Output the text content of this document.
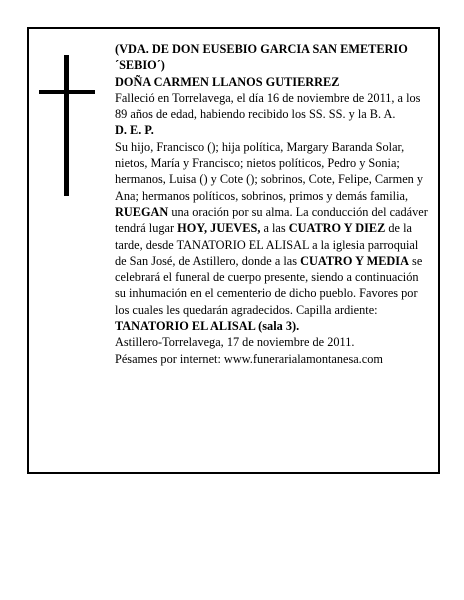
(VDA. DE DON EUSEBIO GARCIA SAN EMETERIO ´SEBIO´)

DOÑA CARMEN LLANOS GUTIERREZ

Falleció en Torrelavega, el día 16 de noviembre de 2011, a los 89 años de edad, habiendo recibido los SS. SS. y la B. A.

D. E. P.

Su hijo, Francisco (); hija política, Margary Baranda Solar, nietos, María y Francisco; nietos políticos, Pedro y Sonia; hermanos, Luisa () y Cote (); sobrinos, Cote, Felipe, Carmen y Ana; hermanos políticos, sobrinos, primos y demás familia,

RUEGAN una oración por su alma. La conducción del cadáver tendrá lugar HOY, JUEVES, a las CUATRO Y DIEZ de la tarde, desde TANATORIO EL ALISAL a la iglesia parroquial de San José, de Astillero, donde a las CUATRO Y MEDIA se celebrará el funeral de cuerpo presente, siendo a continuación su inhumación en el cementerio de dicho pueblo. Favores por los cuales les quedarán agradecidos. Capilla ardiente: TANATORIO EL ALISAL (sala 3).

Astillero-Torrelavega, 17 de noviembre de 2011.

Pésames por internet: www.funerarialamontanesa.com
